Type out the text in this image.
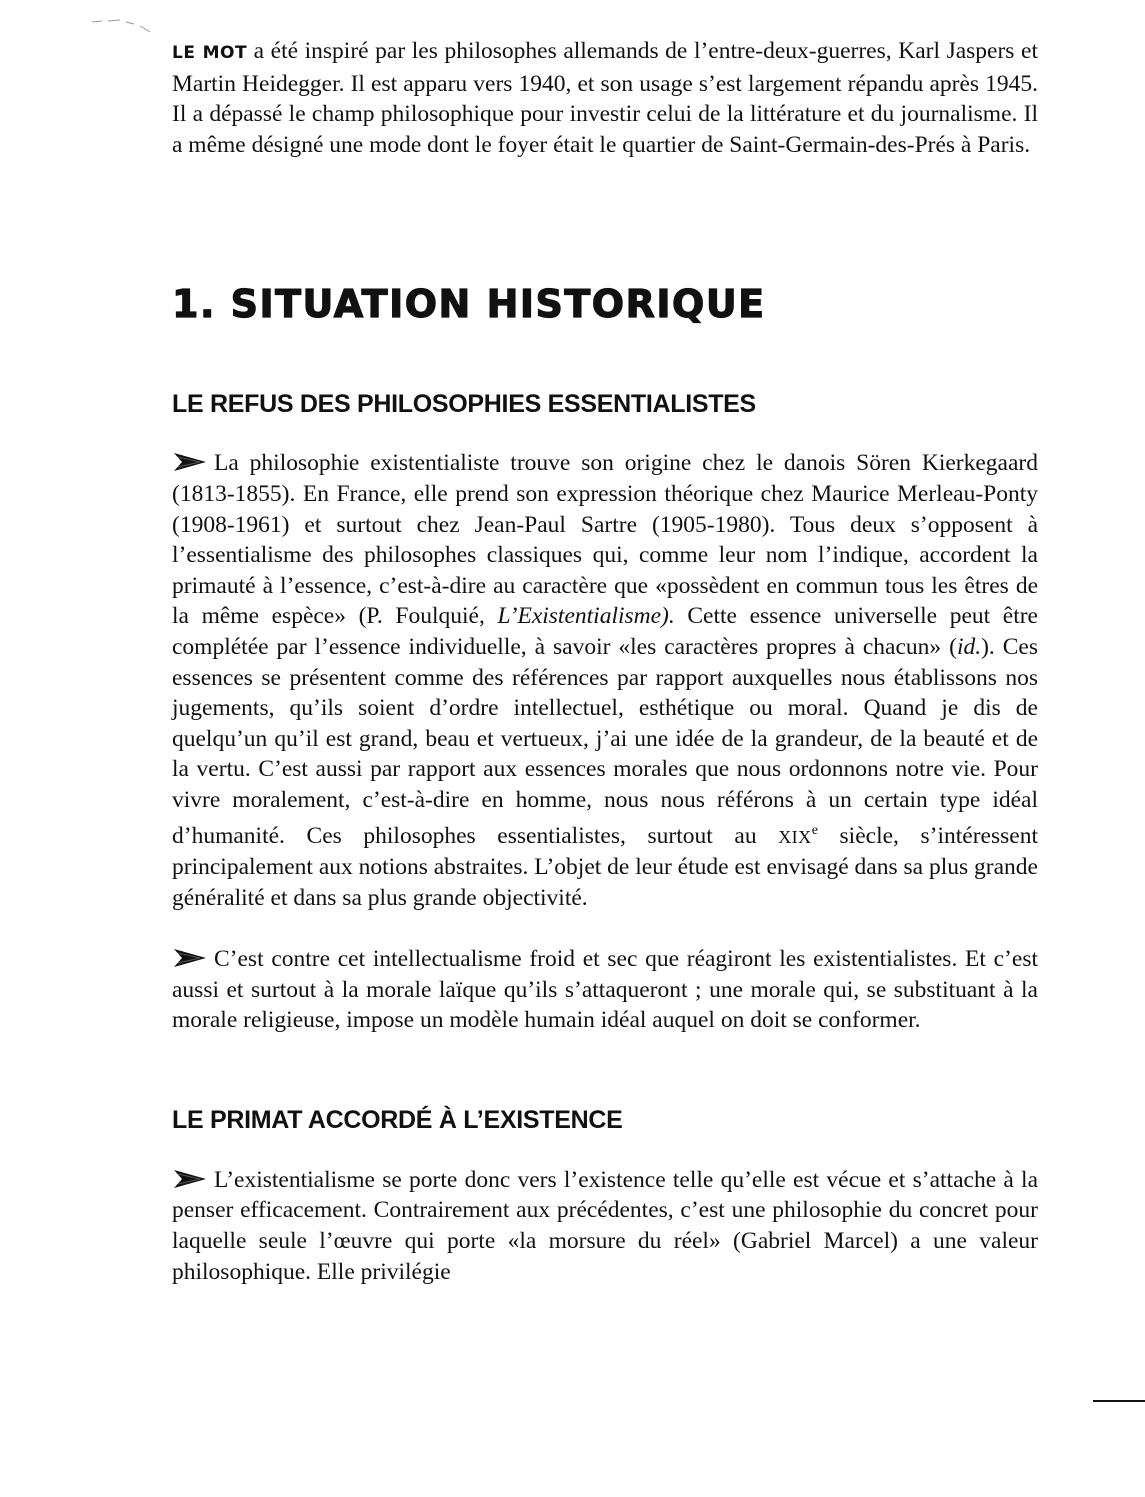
LE MOT a été inspiré par les philosophes allemands de l’entre-deux-guerres, Karl Jaspers et Martin Heidegger. Il est apparu vers 1940, et son usage s’est largement répandu après 1945. Il a dépassé le champ philosophique pour investir celui de la littérature et du journalisme. Il a même désigné une mode dont le foyer était le quartier de Saint-Germain-des-Prés à Paris.

1. SITUATION HISTORIQUE
LE REFUS DES PHILOSOPHIES ESSENTIALISTES

La philosophie existentialiste trouve son origine chez le danois Sören Kierkegaard (1813-1855). En France, elle prend son expression théorique chez Maurice Merleau-Ponty (1908-1961) et surtout chez Jean-Paul Sartre (1905-1980). Tous deux s’opposent à l’essentialisme des philosophes classiques qui, comme leur nom l’indique, accordent la primauté à l’essence, c’est-à-dire au caractère que «possèdent en commun tous les êtres de la même espèce» (P. Foulquié, L’Existentialisme). Cette essence universelle peut être complétée par l’essence individuelle, à savoir «les caractères propres à chacun» (id.). Ces essences se présentent comme des références par rapport auxquelles nous établissons nos jugements, qu’ils soient d’ordre intellectuel, esthétique ou moral. Quand je dis de quelqu’un qu’il est grand, beau et vertueux, j’ai une idée de la grandeur, de la beauté et de la vertu. C’est aussi par rapport aux essences morales que nous ordonnons notre vie. Pour vivre moralement, c’est-à-dire en homme, nous nous référons à un certain type idéal d’humanité. Ces philosophes essentialistes, surtout au XIXe siècle, s’intéressent principalement aux notions abstraites. L’objet de leur étude est envisagé dans sa plus grande généralité et dans sa plus grande objectivité.

C’est contre cet intellectualisme froid et sec que réagiront les existentialistes. Et c’est aussi et surtout à la morale laïque qu’ils s’attaqueront ; une morale qui, se substituant à la morale religieuse, impose un modèle humain idéal auquel on doit se conformer.

LE PRIMAT ACCORDÉ À L’EXISTENCE

L’existentialisme se porte donc vers l’existence telle qu’elle est vécue et s’attache à la penser efficacement. Contrairement aux précédentes, c’est une philosophie du concret pour laquelle seule l’œuvre qui porte «la morsure du réel» (Gabriel Marcel) a une valeur philosophique. Elle privilégie
